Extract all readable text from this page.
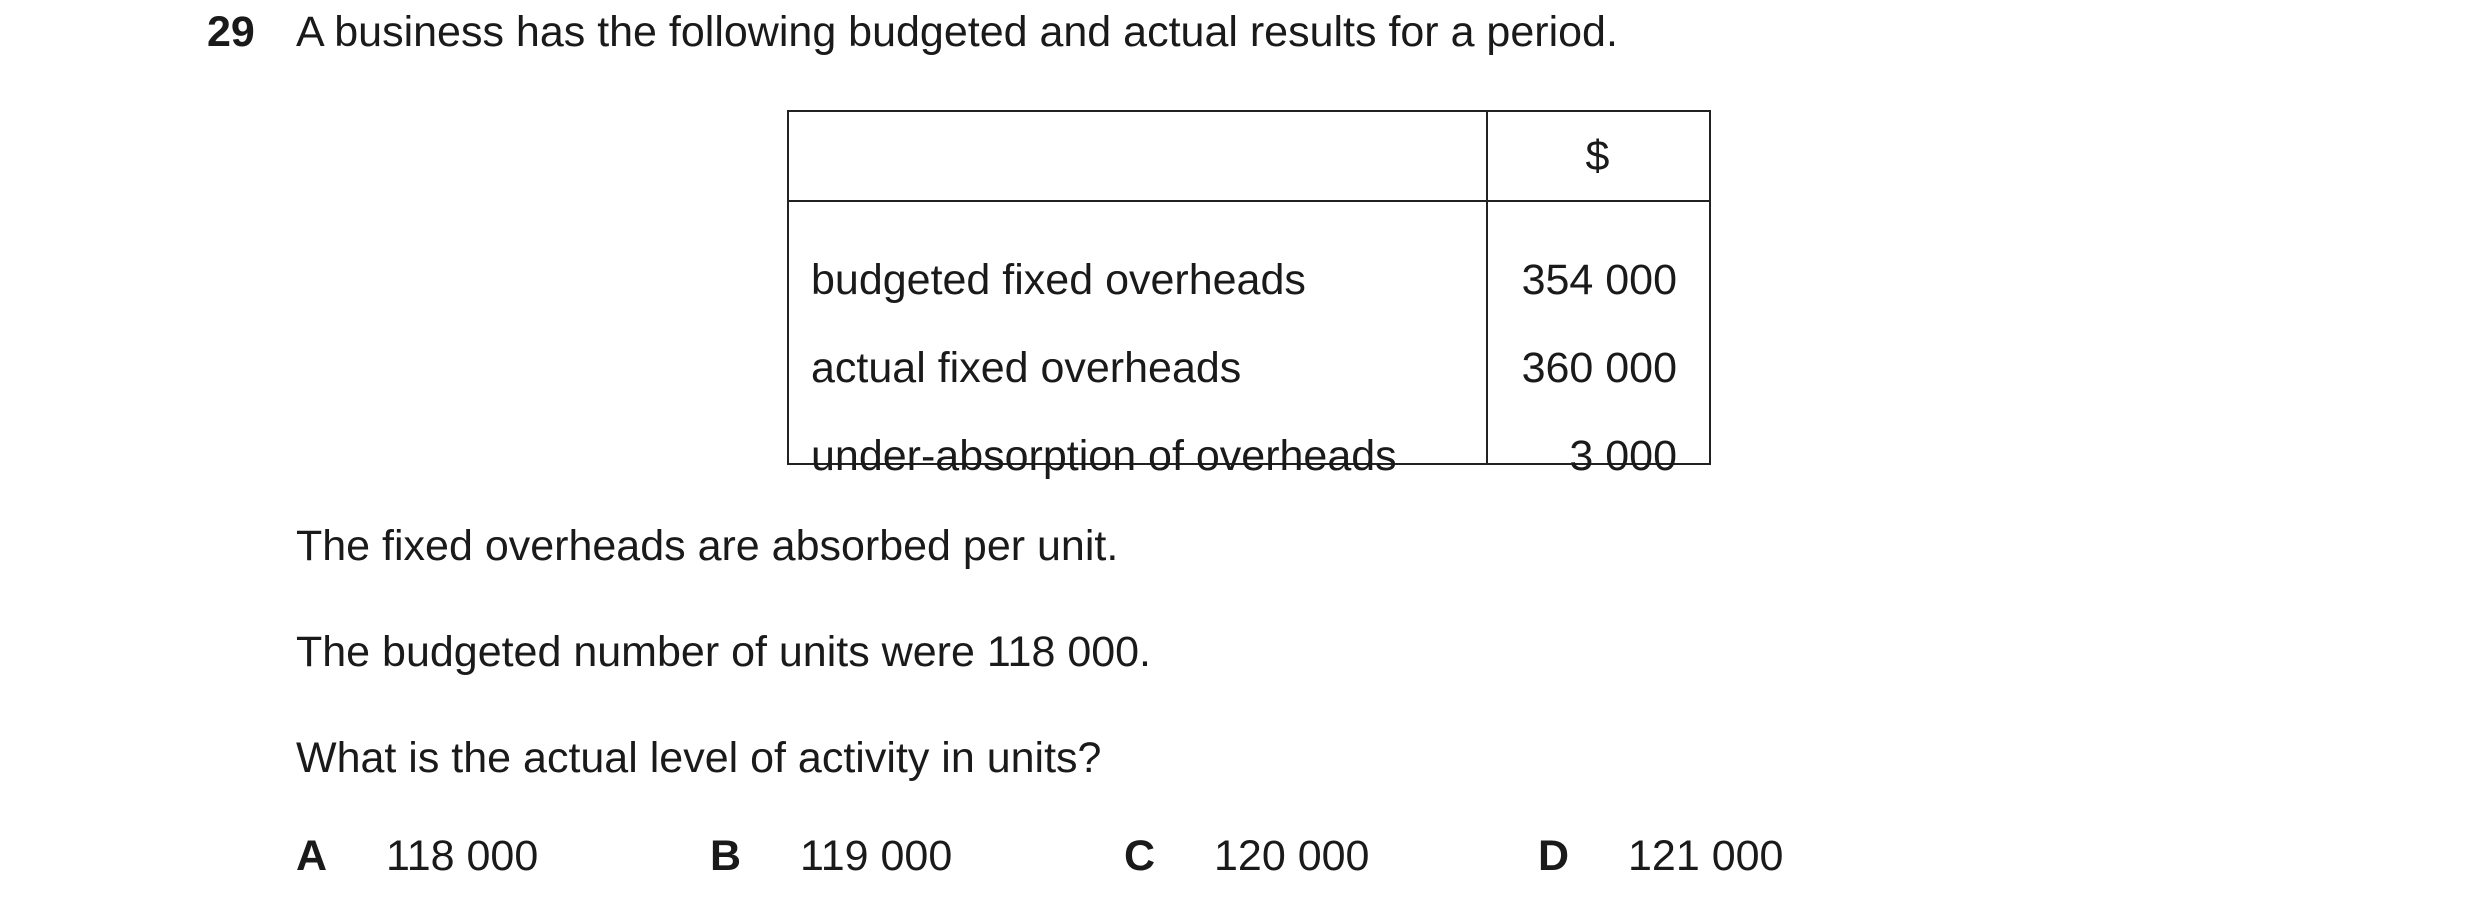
29 A business has the following budgeted and actual results for a period.
$
budgeted fixed overheads	354 000
actual fixed overheads	360 000
under-absorption of overheads	3 000
The fixed overheads are absorbed per unit.
The budgeted number of units were 118 000.
What is the actual level of activity in units?
A 118 000	B 119 000	C 120 000	D 121 000
